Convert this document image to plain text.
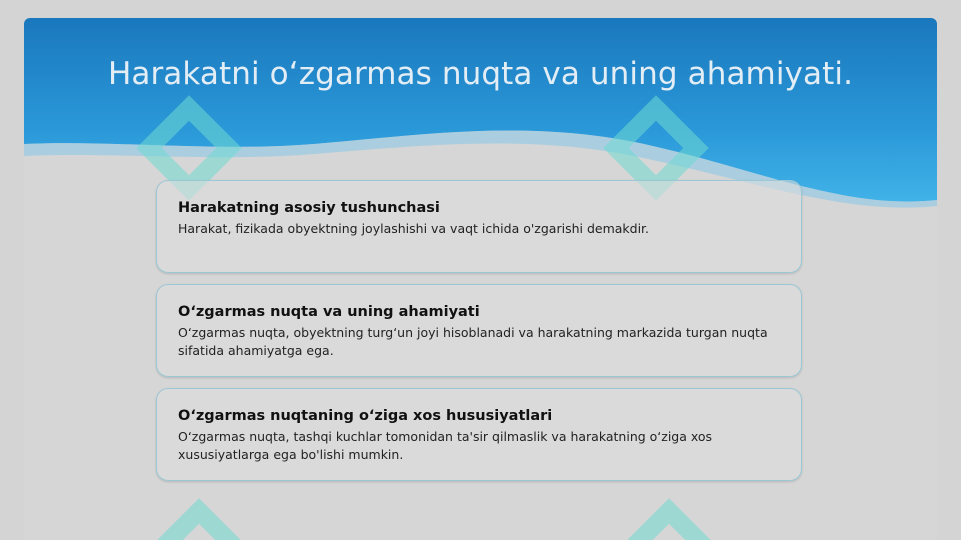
Harakatni o‘zgarmas nuqta va uning ahamiyati.

Harakatning asosiy tushunchasi

Harakat, fizikada obyektning joylashishi va vaqt ichida o'zgarishi demakdir.

O‘zgarmas nuqta va uning ahamiyati

O‘zgarmas nuqta, obyektning turg‘un joyi hisoblanadi va harakatning markazida turgan nuqta sifatida ahamiyatga ega.

O‘zgarmas nuqtaning o‘ziga xos hususiyatlari

O‘zgarmas nuqta, tashqi kuchlar tomonidan ta'sir qilmaslik va harakatning o‘ziga xos xususiyatlarga ega bo'lishi mumkin.
